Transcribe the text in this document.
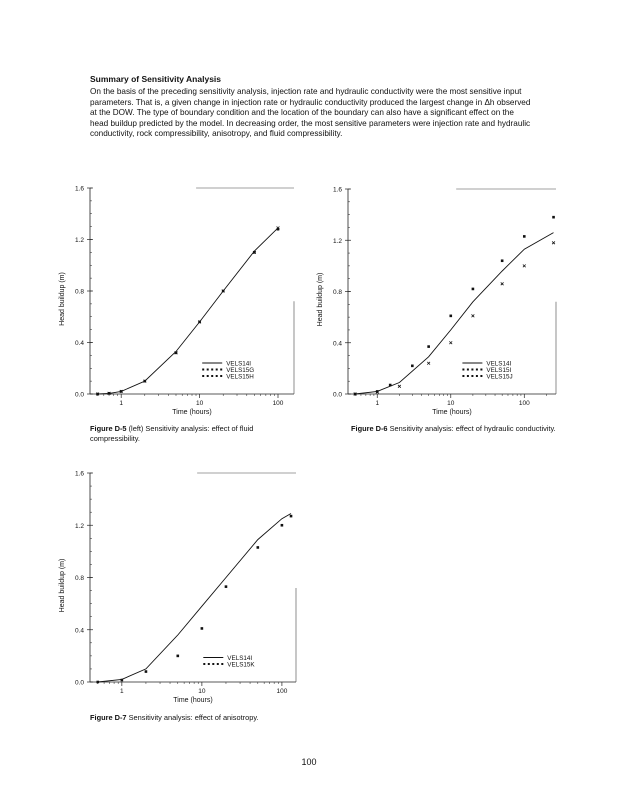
Summary of Sensitivity Analysis

On the basis of the preceding sensitivity analysis, injection rate and hydraulic conductivity were the most sensitive input parameters. That is, a given change in injection rate or hydraulic conductivity produced the largest change in Δh observed at the DOW. The type of boundary condition and the location of the boundary can also have a significant effect on the head buildup predicted by the model. In decreasing order, the most sensitive parameters were injection rate and hydraulic conductivity, rock compressibility, anisotropy, and fluid compressibility.

0.0
0.4
0.8
1.2
1.6
1	10	100
Time (hours)
Head buildup (m)
VELS14I
VELS15G
VELS15H
0.0
0.4
0.8
1.2
1.6
1	10	100
Time (hours)
Head buildup (m)
VELS14I
VELS15I
VELS15J
0.0
0.4
0.8
1.2
1.6
1	10	100
Time (hours)
Head buildup (m)
VELS14I
VELS15K
Figure D-5 (left) Sensitivity analysis: effect of fluid compressibility.
Figure D-6 Sensitivity analysis: effect of hydraulic conductivity.
Figure D-7 Sensitivity analysis: effect of anisotropy.
100
